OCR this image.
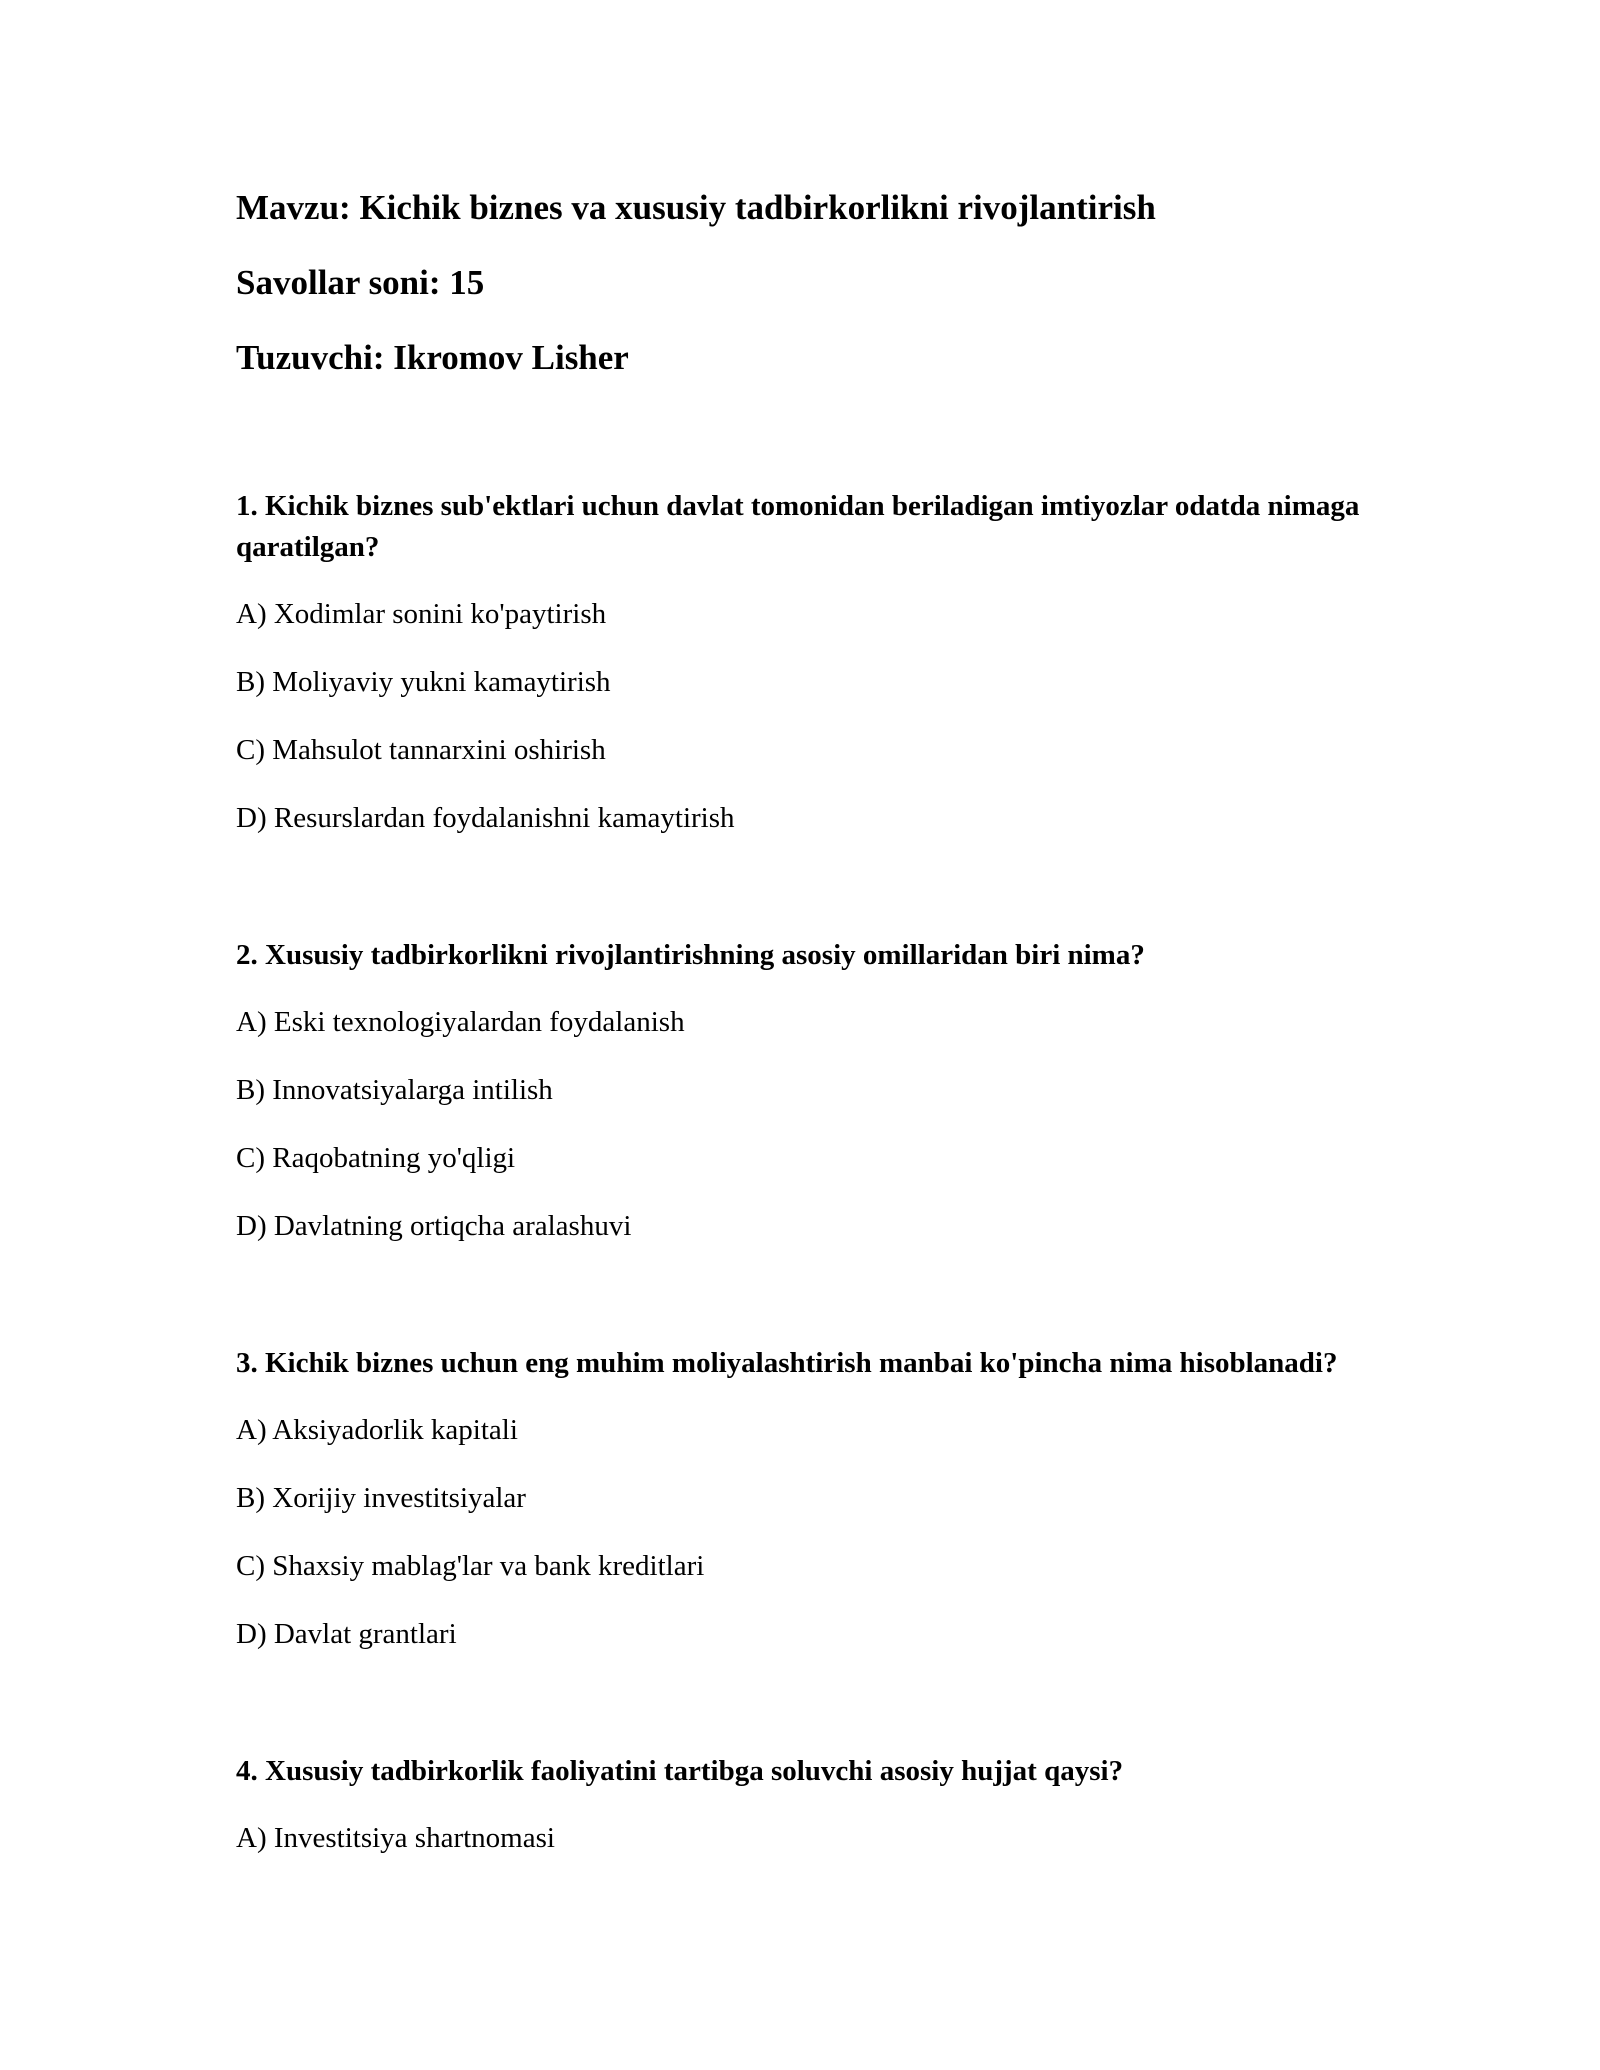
Mavzu: Kichik biznes va xususiy tadbirkorlikni rivojlantirish

Savollar soni: 15

Tuzuvchi: Ikromov Lisher

1. Kichik biznes sub'ektlari uchun davlat tomonidan beriladigan imtiyozlar odatda nimaga qaratilgan?

A) Xodimlar sonini ko'paytirish

B) Moliyaviy yukni kamaytirish

C) Mahsulot tannarxini oshirish

D) Resurslardan foydalanishni kamaytirish

2. Xususiy tadbirkorlikni rivojlantirishning asosiy omillaridan biri nima?

A) Eski texnologiyalardan foydalanish

B) Innovatsiyalarga intilish

C) Raqobatning yo'qligi

D) Davlatning ortiqcha aralashuvi

3. Kichik biznes uchun eng muhim moliyalashtirish manbai ko'pincha nima hisoblanadi?

A) Aksiyadorlik kapitali

B) Xorijiy investitsiyalar

C) Shaxsiy mablag'lar va bank kreditlari

D) Davlat grantlari

4. Xususiy tadbirkorlik faoliyatini tartibga soluvchi asosiy hujjat qaysi?

A) Investitsiya shartnomasi
